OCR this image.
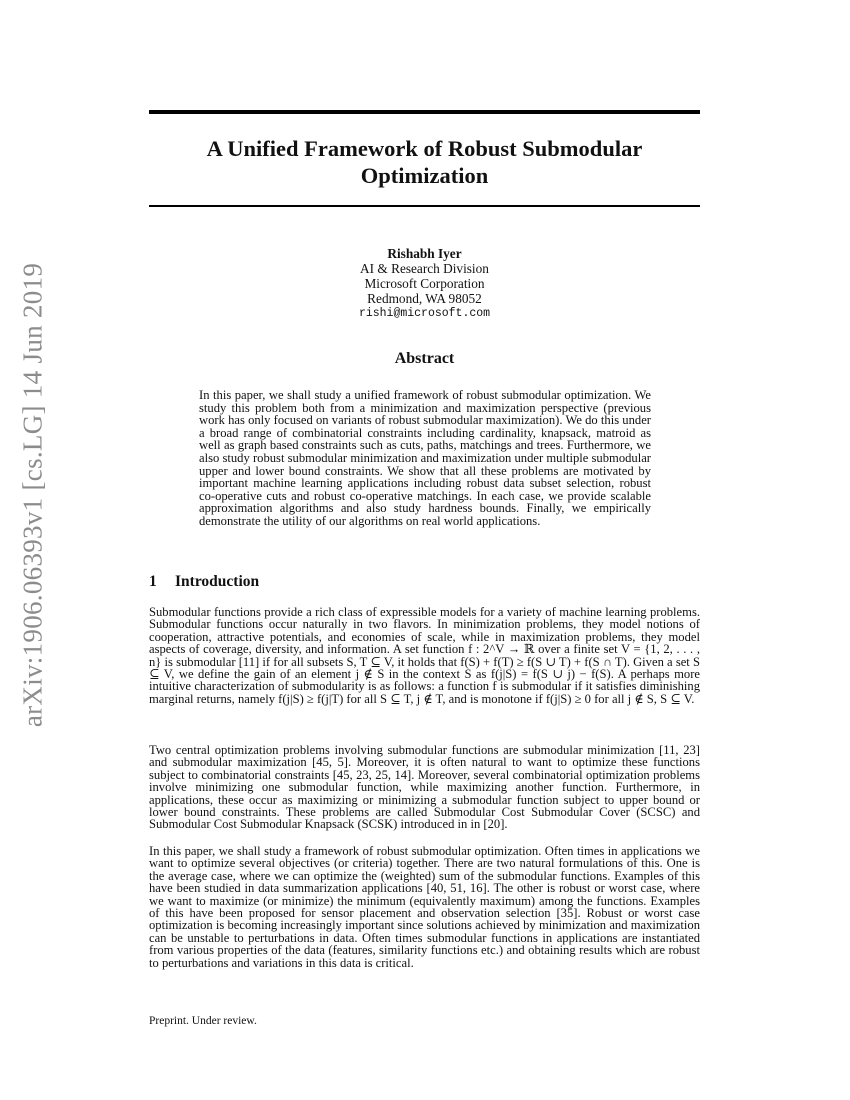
arXiv:1906.06393v1 [cs.LG] 14 Jun 2019
A Unified Framework of Robust Submodular Optimization
Rishabh Iyer
AI & Research Division
Microsoft Corporation
Redmond, WA 98052
rishi@microsoft.com
Abstract

In this paper, we shall study a unified framework of robust submodular optimization. We study this problem both from a minimization and maximization perspective (previous work has only focused on variants of robust submodular maximization). We do this under a broad range of combinatorial constraints including cardinality, knapsack, matroid as well as graph based constraints such as cuts, paths, matchings and trees. Furthermore, we also study robust submodular minimization and maximization under multiple submodular upper and lower bound constraints. We show that all these problems are motivated by important machine learning applications including robust data subset selection, robust co-operative cuts and robust co-operative matchings. In each case, we provide scalable approximation algorithms and also study hardness bounds. Finally, we empirically demonstrate the utility of our algorithms on real world applications.

1 Introduction

Submodular functions provide a rich class of expressible models for a variety of machine learning problems. Submodular functions occur naturally in two flavors. In minimization problems, they model notions of cooperation, attractive potentials, and economies of scale, while in maximization problems, they model aspects of coverage, diversity, and information. A set function f : 2^V → ℝ over a finite set V = {1, 2, . . . , n} is submodular [11] if for all subsets S, T ⊆ V, it holds that f(S) + f(T) ≥ f(S ∪ T) + f(S ∩ T). Given a set S ⊆ V, we define the gain of an element j ∉ S in the context S as f(j|S) = f(S ∪ j) − f(S). A perhaps more intuitive characterization of submodularity is as follows: a function f is submodular if it satisfies diminishing marginal returns, namely f(j|S) ≥ f(j|T) for all S ⊆ T, j ∉ T, and is monotone if f(j|S) ≥ 0 for all j ∉ S, S ⊆ V.

Two central optimization problems involving submodular functions are submodular minimization [11, 23] and submodular maximization [45, 5]. Moreover, it is often natural to want to optimize these functions subject to combinatorial constraints [45, 23, 25, 14]. Moreover, several combinatorial optimization problems involve minimizing one submodular function, while maximizing another function. Furthermore, in applications, these occur as maximizing or minimizing a submodular function subject to upper bound or lower bound constraints. These problems are called Submodular Cost Submodular Cover (SCSC) and Submodular Cost Submodular Knapsack (SCSK) introduced in in [20].

In this paper, we shall study a framework of robust submodular optimization. Often times in applications we want to optimize several objectives (or criteria) together. There are two natural formulations of this. One is the average case, where we can optimize the (weighted) sum of the submodular functions. Examples of this have been studied in data summarization applications [40, 51, 16]. The other is robust or worst case, where we want to maximize (or minimize) the minimum (equivalently maximum) among the functions. Examples of this have been proposed for sensor placement and observation selection [35]. Robust or worst case optimization is becoming increasingly important since solutions achieved by minimization and maximization can be unstable to perturbations in data. Often times submodular functions in applications are instantiated from various properties of the data (features, similarity functions etc.) and obtaining results which are robust to perturbations and variations in this data is critical.

Preprint. Under review.
